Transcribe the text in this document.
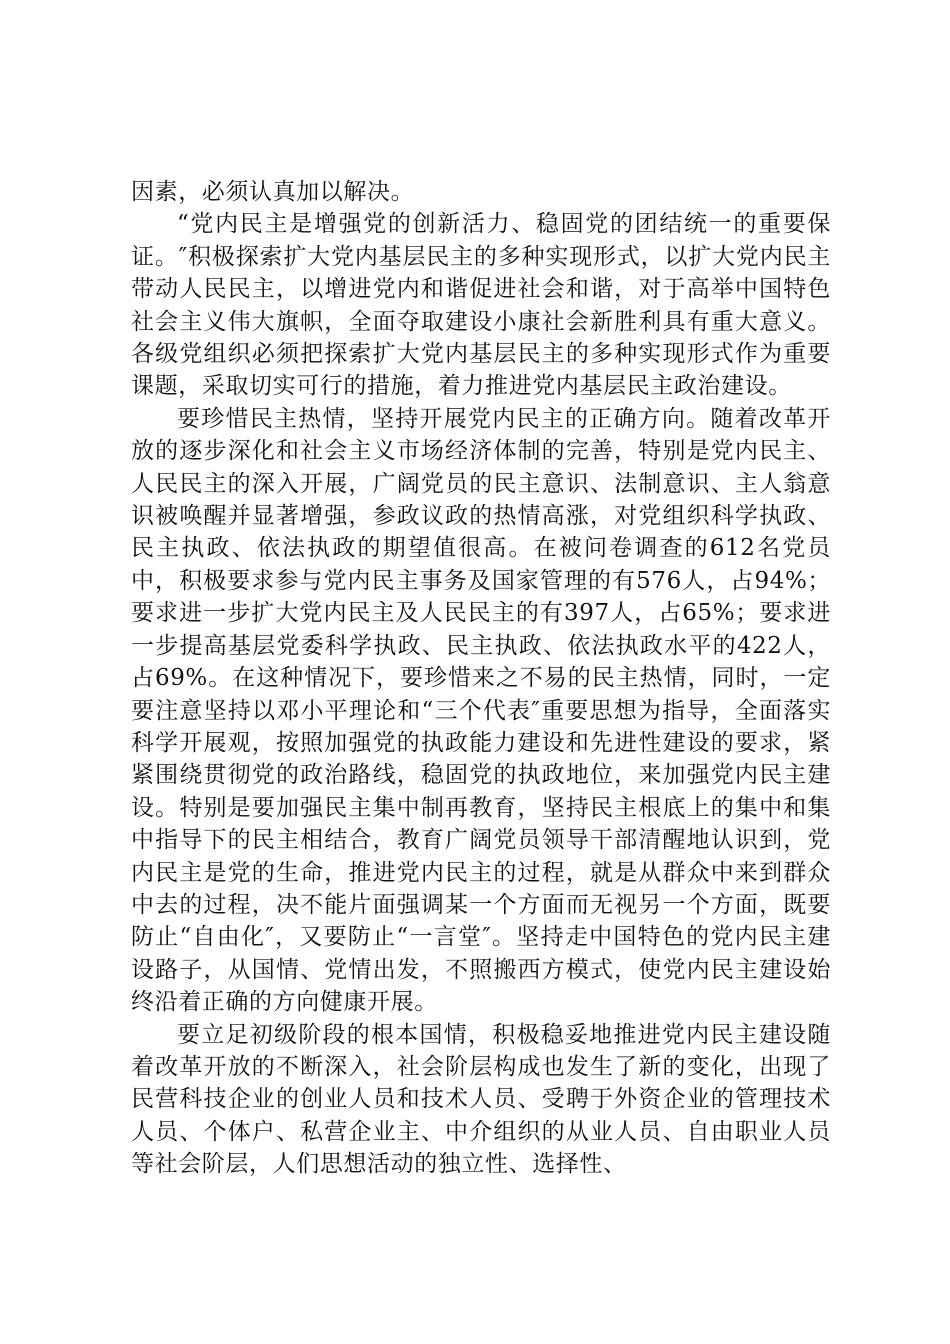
因素，必须认真加以解决。

“党内民主是增强党的创新活力、稳固党的团结统一的重要保证。″积极探索扩大党内基层民主的多种实现形式，以扩大党内民主带动人民民主，以增进党内和谐促进社会和谐，对于高举中国特色社会主义伟大旗帜，全面夺取建设小康社会新胜利具有重大意义。各级党组织必须把探索扩大党内基层民主的多种实现形式作为重要课题，采取切实可行的措施，着力推进党内基层民主政治建设。

要珍惜民主热情，坚持开展党内民主的正确方向。随着改革开放的逐步深化和社会主义市场经济体制的完善，特别是党内民主、人民民主的深入开展，广阔党员的民主意识、法制意识、主人翁意识被唤醒并显著增强，参政议政的热情高涨，对党组织科学执政、民主执政、依法执政的期望值很高。在被问卷调查的612名党员中，积极要求参与党内民主事务及国家管理的有576人，占94%；要求进一步扩大党内民主及人民民主的有397人，占65%；要求进一步提高基层党委科学执政、民主执政、依法执政水平的422人，占69%。在这种情况下，要珍惜来之不易的民主热情，同时，一定要注意坚持以邓小平理论和“三个代表″重要思想为指导，全面落实科学开展观，按照加强党的执政能力建设和先进性建设的要求，紧紧围绕贯彻党的政治路线，稳固党的执政地位，来加强党内民主建设。特别是要加强民主集中制再教育，坚持民主根底上的集中和集中指导下的民主相结合，教育广阔党员领导干部清醒地认识到，党内民主是党的生命，推进党内民主的过程，就是从群众中来到群众中去的过程，决不能片面强调某一个方面而无视另一个方面，既要防止“自由化″，又要防止“一言堂″。坚持走中国特色的党内民主建设路子，从国情、党情出发，不照搬西方模式，使党内民主建设始终沿着正确的方向健康开展。

要立足初级阶段的根本国情，积极稳妥地推进党内民主建设随着改革开放的不断深入，社会阶层构成也发生了新的变化，出现了民营科技企业的创业人员和技术人员、受聘于外资企业的管理技术人员、个体户、私营企业主、中介组织的从业人员、自由职业人员等社会阶层，人们思想活动的独立性、选择性、
